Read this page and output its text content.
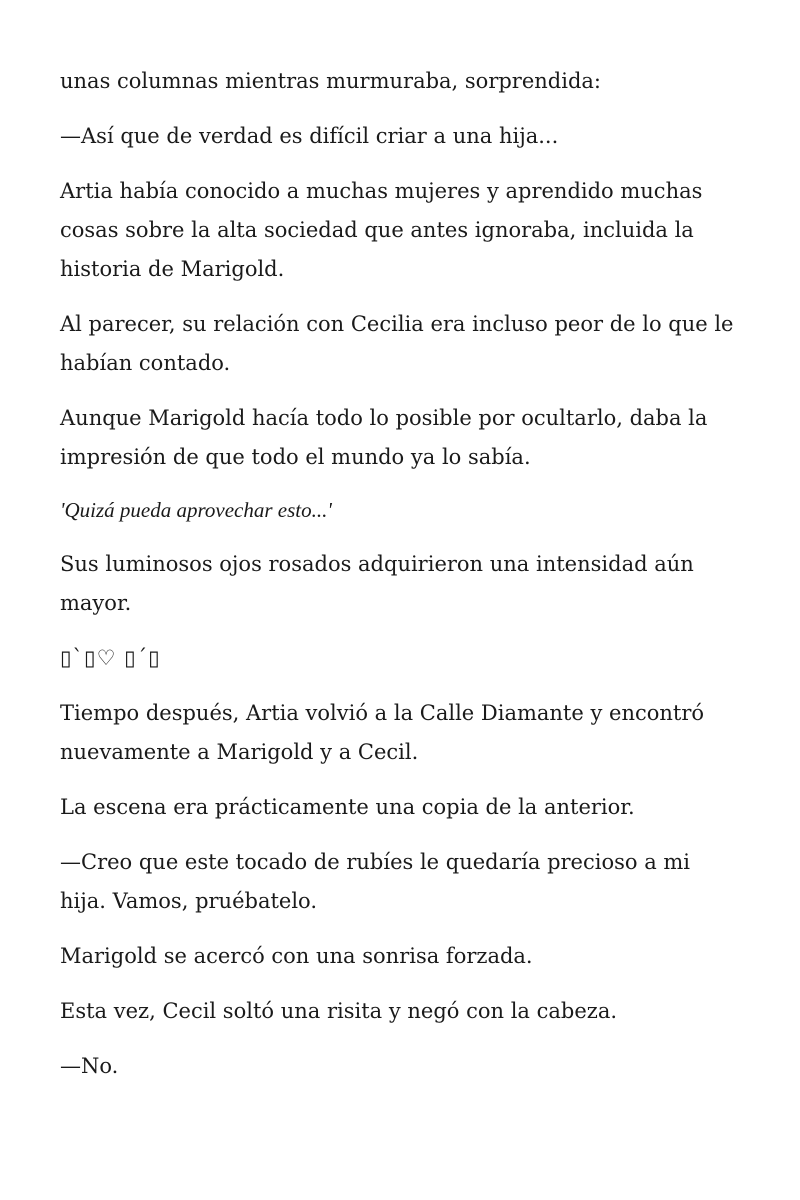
unas columnas mientras murmuraba, sorprendida:

—Así que de verdad es difícil criar a una hija...

Artia había conocido a muchas mujeres y aprendido muchas cosas sobre la alta sociedad que antes ignoraba, incluida la historia de Marigold.

Al parecer, su relación con Cecilia era incluso peor de lo que le habían contado.

Aunque Marigold hacía todo lo posible por ocultarlo, daba la impresión de que todo el mundo ya lo sabía.

'Quizá pueda aprovechar esto...'

Sus luminosos ojos rosados adquirieron una intensidad aún mayor.

▯`▯♡ ▯´▯

Tiempo después, Artia volvió a la Calle Diamante y encontró nuevamente a Marigold y a Cecil.

La escena era prácticamente una copia de la anterior.

—Creo que este tocado de rubíes le quedaría precioso a mi hija. Vamos, pruébatelo.

Marigold se acercó con una sonrisa forzada.

Esta vez, Cecil soltó una risita y negó con la cabeza.

—No.
